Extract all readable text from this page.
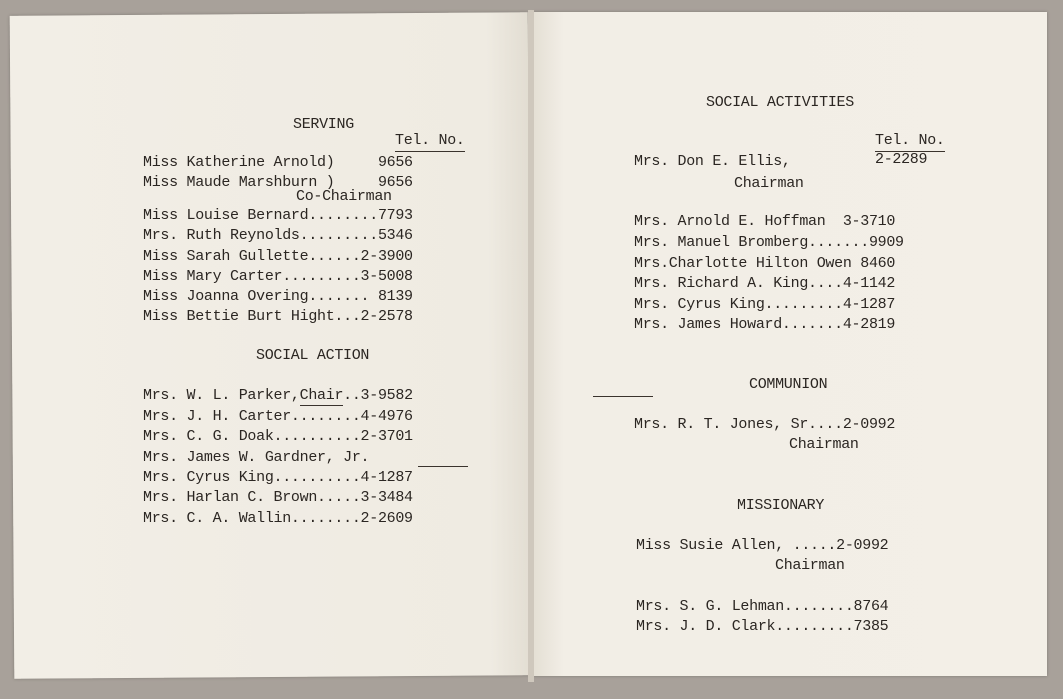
SERVING
Tel. No.
Miss Katherine Arnold)     9656
Miss Maude Marshburn )     9656
Co-Chairman
Miss Louise Bernard........7793
Mrs. Ruth Reynolds.........5346
Miss Sarah Gullette......2-3900
Miss Mary Carter.........3-5008
Miss Joanna Overing....... 8139
Miss Bettie Burt Hight...2-2578
SOCIAL ACTION
Mrs. W. L. Parker,Chair..3-9582
Mrs. J. H. Carter........4-4976
Mrs. C. G. Doak..........2-3701
Mrs. James W. Gardner, Jr.
Mrs. Cyrus King..........4-1287
Mrs. Harlan C. Brown.....3-3484
Mrs. C. A. Wallin........2-2609
SOCIAL ACTIVITIES
Tel. No.
Mrs. Don E. Ellis,	2-2289
Chairman
Mrs. Arnold E. Hoffman  3-3710
Mrs. Manuel Bromberg.......9909
Mrs.Charlotte Hilton Owen 8460
Mrs. Richard A. King....4-1142
Mrs. Cyrus King.........4-1287
Mrs. James Howard.......4-2819
COMMUNION
Mrs. R. T. Jones, Sr....2-0992
Chairman
MISSIONARY
Miss Susie Allen, .....2-0992
Chairman
Mrs. S. G. Lehman........8764
Mrs. J. D. Clark.........7385
